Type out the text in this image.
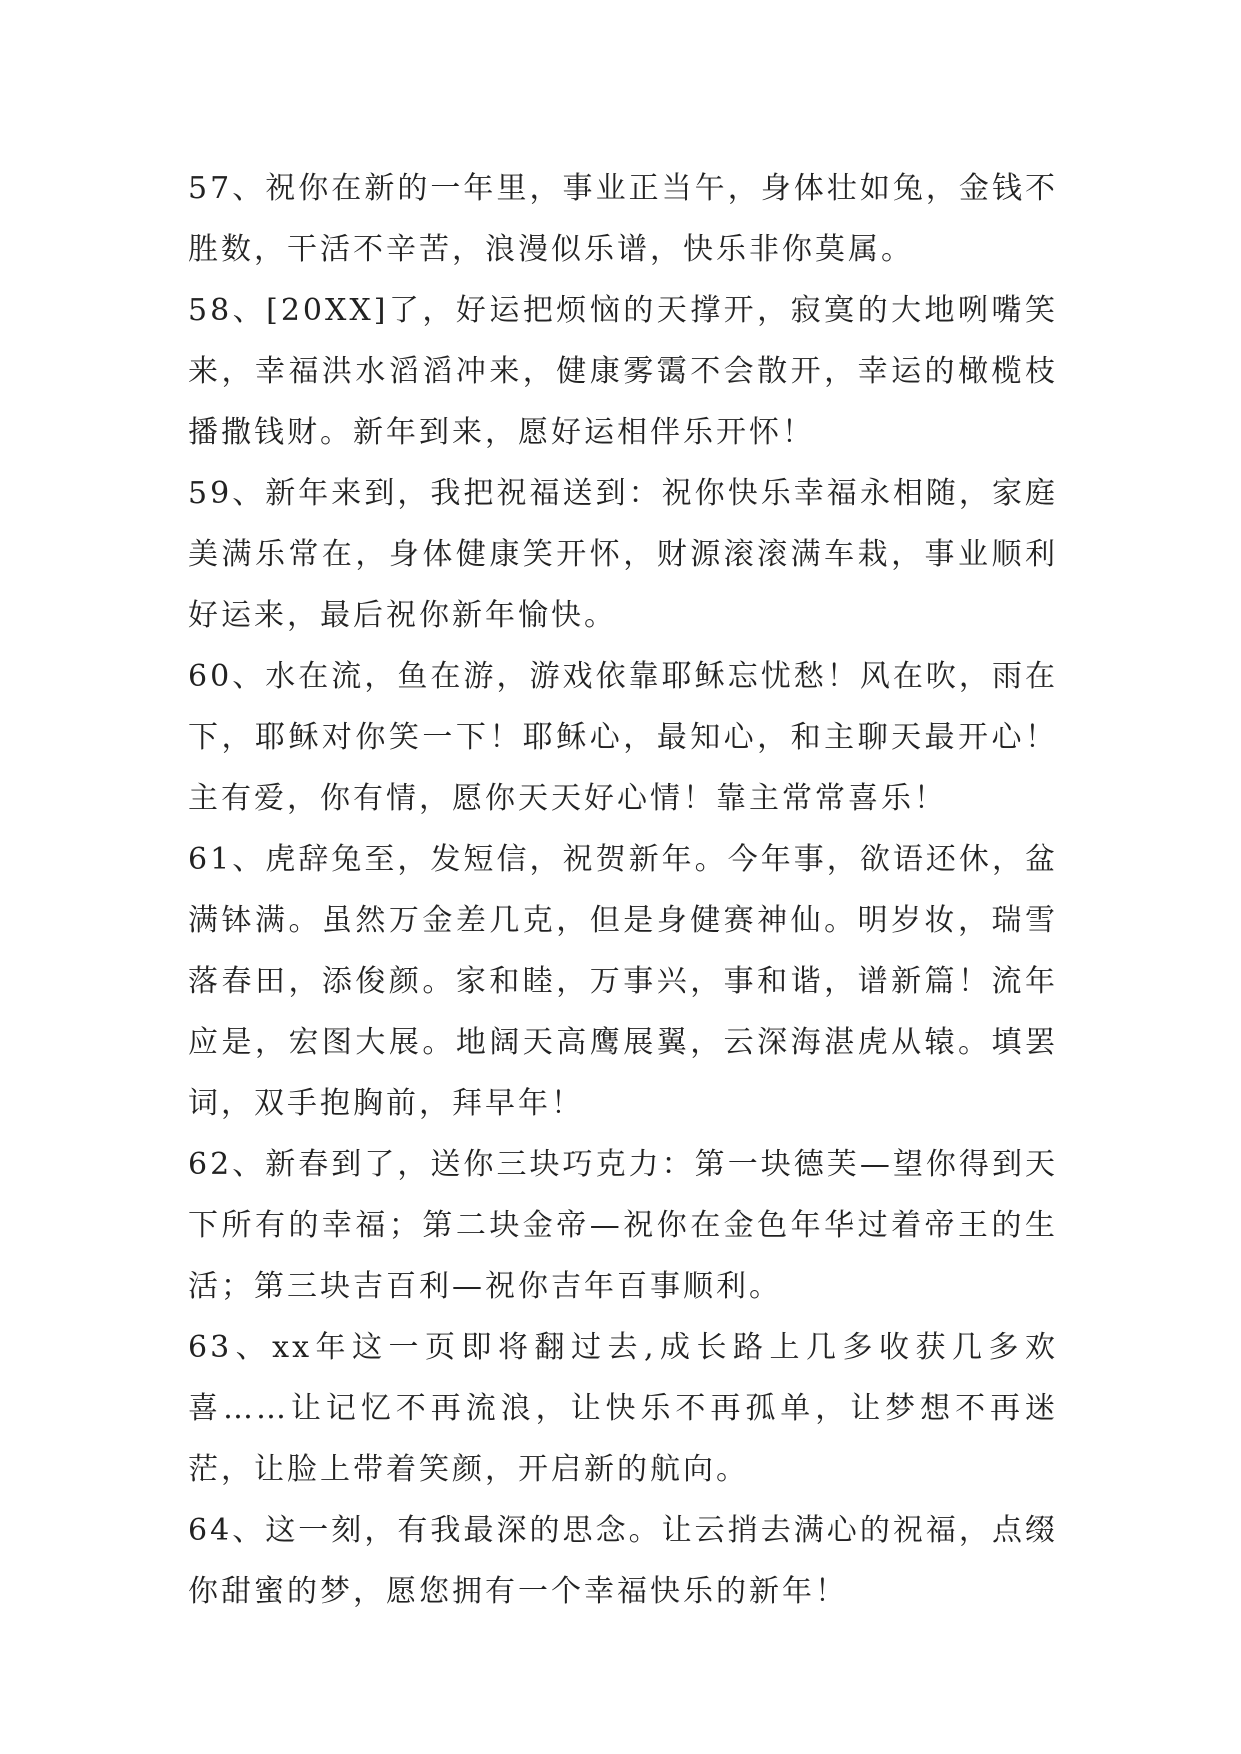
57、祝你在新的一年里，事业正当午，身体壮如兔，金钱不胜数，干活不辛苦，浪漫似乐谱，快乐非你莫属。

58、[20XX]了，好运把烦恼的天撑开，寂寞的大地咧嘴笑来，幸福洪水滔滔冲来，健康雾霭不会散开，幸运的橄榄枝播撒钱财。新年到来，愿好运相伴乐开怀！

59、新年来到，我把祝福送到：祝你快乐幸福永相随，家庭美满乐常在，身体健康笑开怀，财源滚滚满车栽，事业顺利好运来，最后祝你新年愉快。

60、水在流，鱼在游，游戏依靠耶稣忘忧愁！风在吹，雨在下，耶稣对你笑一下！耶稣心，最知心，和主聊天最开心！主有爱，你有情，愿你天天好心情！靠主常常喜乐！

61、虎辞兔至，发短信，祝贺新年。今年事，欲语还休，盆满钵满。虽然万金差几克，但是身健赛神仙。明岁妆，瑞雪落春田，添俊颜。家和睦，万事兴，事和谐，谱新篇！流年应是，宏图大展。地阔天高鹰展翼，云深海湛虎从辕。填罢词，双手抱胸前，拜早年！

62、新春到了，送你三块巧克力：第一块德芙—望你得到天下所有的幸福；第二块金帝—祝你在金色年华过着帝王的生活；第三块吉百利—祝你吉年百事顺利。

63、xx年这一页即将翻过去,成长路上几多收获几多欢喜……让记忆不再流浪，让快乐不再孤单，让梦想不再迷茫，让脸上带着笑颜，开启新的航向。

64、这一刻，有我最深的思念。让云捎去满心的祝福，点缀你甜蜜的梦，愿您拥有一个幸福快乐的新年！
